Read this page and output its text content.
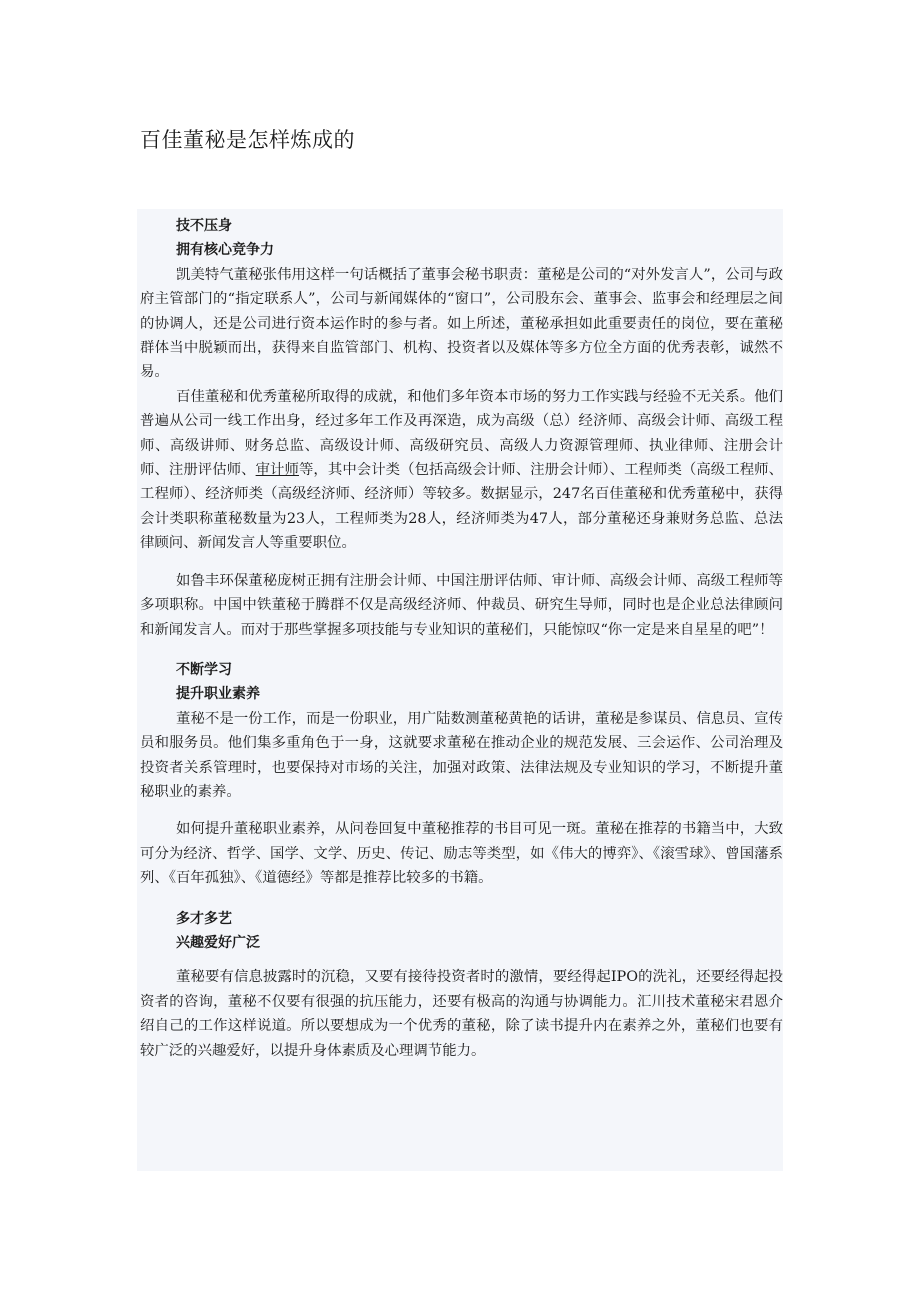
百佳董秘是怎样炼成的

技不压身

拥有核心竞争力

凯美特气董秘张伟用这样一句话概括了董事会秘书职责：董秘是公司的“对外发言人”，公司与政府主管部门的“指定联系人”，公司与新闻媒体的“窗口”，公司股东会、董事会、监事会和经理层之间的协调人，还是公司进行资本运作时的参与者。如上所述，董秘承担如此重要责任的岗位，要在董秘群体当中脱颖而出，获得来自监管部门、机构、投资者以及媒体等多方位全方面的优秀表彰，诚然不易。

百佳董秘和优秀董秘所取得的成就，和他们多年资本市场的努力工作实践与经验不无关系。他们普遍从公司一线工作出身，经过多年工作及再深造，成为高级（总）经济师、高级会计师、高级工程师、高级讲师、财务总监、高级设计师、高级研究员、高级人力资源管理师、执业律师、注册会计师、注册评估师、审计师等，其中会计类（包括高级会计师、注册会计师）、工程师类（高级工程师、工程师）、经济师类（高级经济师、经济师）等较多。数据显示，247名百佳董秘和优秀董秘中，获得会计类职称董秘数量为23人，工程师类为28人，经济师类为47人，部分董秘还身兼财务总监、总法律顾问、新闻发言人等重要职位。

如鲁丰环保董秘庞树正拥有注册会计师、中国注册评估师、审计师、高级会计师、高级工程师等多项职称。中国中铁董秘于腾群不仅是高级经济师、仲裁员、研究生导师，同时也是企业总法律顾问和新闻发言人。而对于那些掌握多项技能与专业知识的董秘们，只能惊叹“你一定是来自星星的吧”！

不断学习

提升职业素养

董秘不是一份工作，而是一份职业，用广陆数测董秘黄艳的话讲，董秘是参谋员、信息员、宣传员和服务员。他们集多重角色于一身，这就要求董秘在推动企业的规范发展、三会运作、公司治理及投资者关系管理时，也要保持对市场的关注，加强对政策、法律法规及专业知识的学习，不断提升董秘职业的素养。

如何提升董秘职业素养，从问卷回复中董秘推荐的书目可见一斑。董秘在推荐的书籍当中，大致可分为经济、哲学、国学、文学、历史、传记、励志等类型，如《伟大的博弈》、《滚雪球》、曾国藩系列、《百年孤独》、《道德经》等都是推荐比较多的书籍。

多才多艺

兴趣爱好广泛

董秘要有信息披露时的沉稳，又要有接待投资者时的激情，要经得起IPO的洗礼，还要经得起投资者的咨询，董秘不仅要有很强的抗压能力，还要有极高的沟通与协调能力。汇川技术董秘宋君恩介绍自己的工作这样说道。所以要想成为一个优秀的董秘，除了读书提升内在素养之外，董秘们也要有较广泛的兴趣爱好，以提升身体素质及心理调节能力。
